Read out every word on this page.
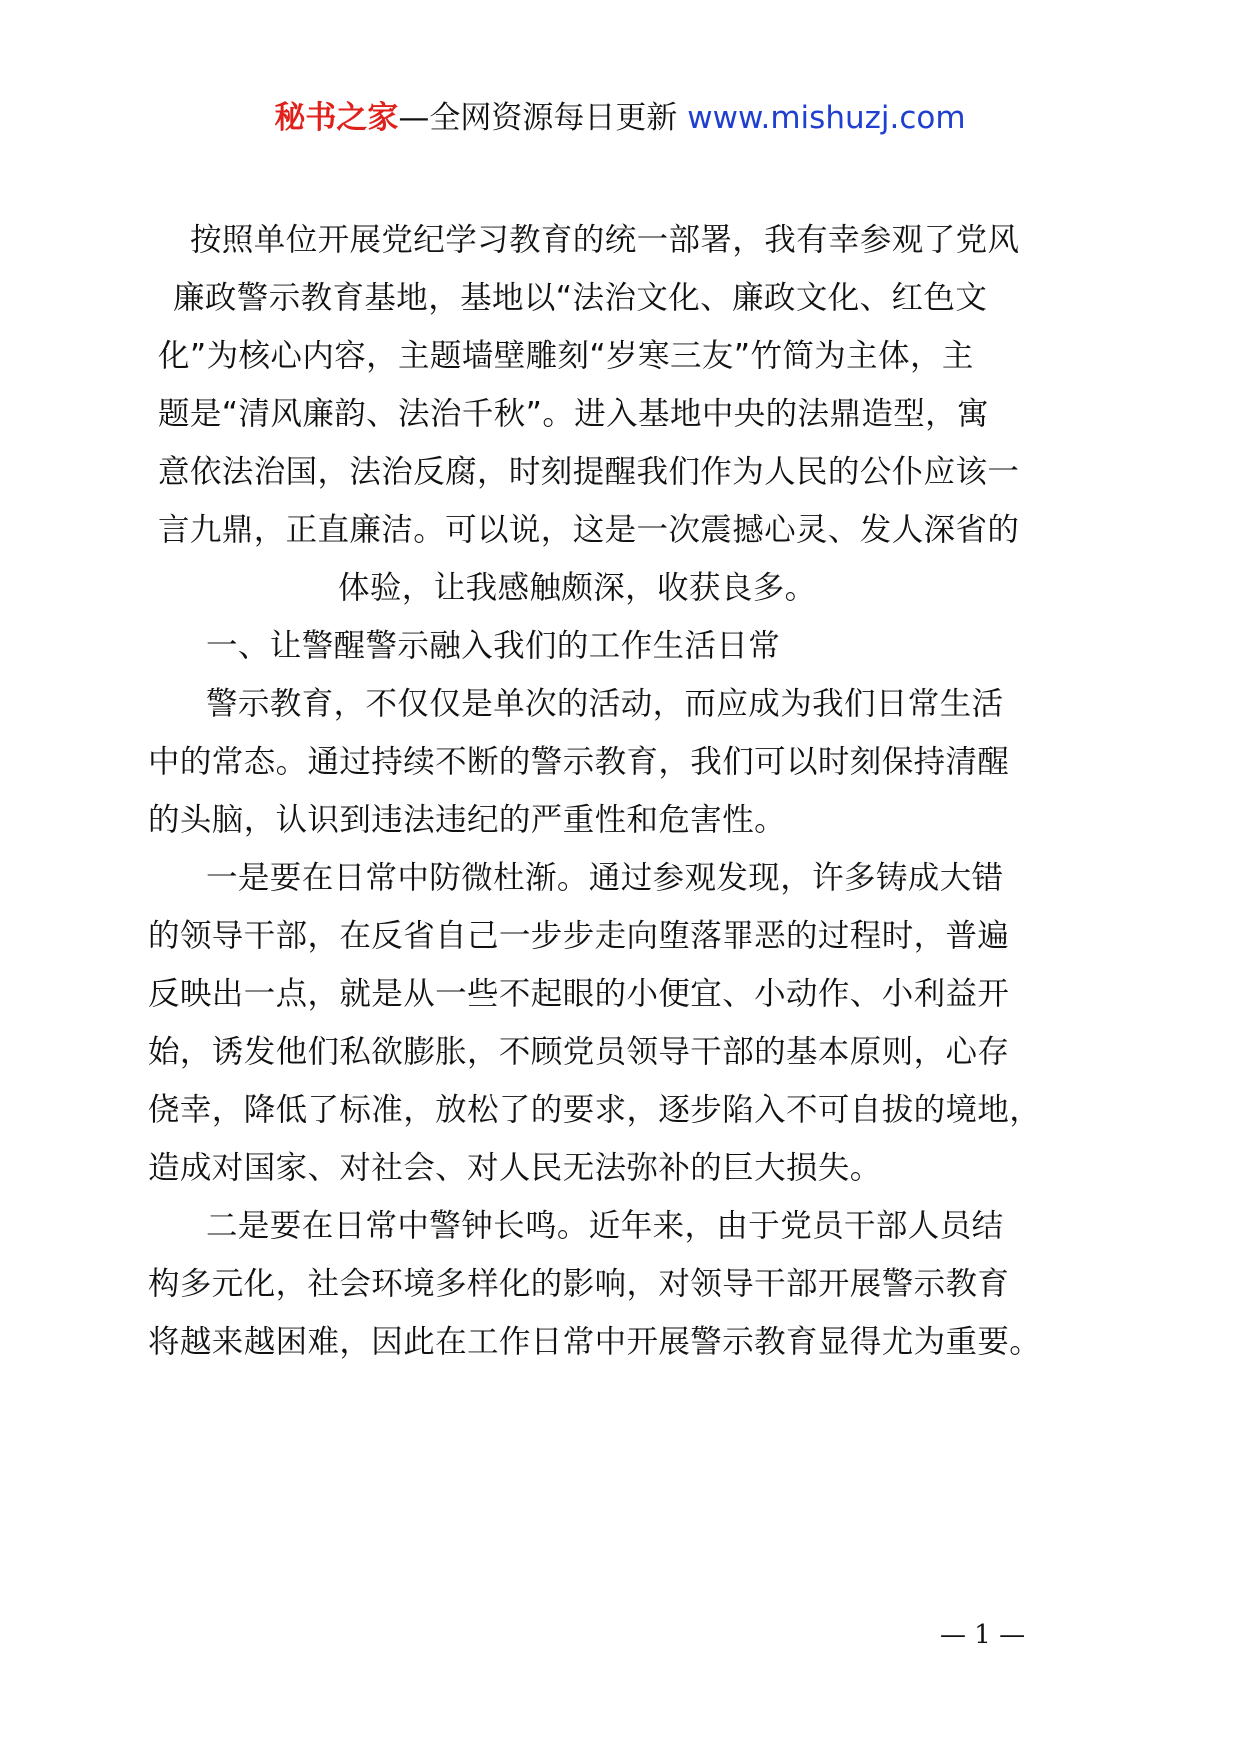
秘书之家—全网资源每日更新 www.mishuzj.com
按照单位开展党纪学习教育的统一部署，我有幸参观了党风
廉政警示教育基地，基地以“法治文化、廉政文化、红色文
化”为核心内容，主题墙壁雕刻“岁寒三友”竹简为主体，主
题是“清风廉韵、法治千秋”。进入基地中央的法鼎造型，寓
意依法治国，法治反腐，时刻提醒我们作为人民的公仆应该一
言九鼎，正直廉洁。可以说，这是一次震撼心灵、发人深省的
体验，让我感触颇深，收获良多。
一、让警醒警示融入我们的工作生活日常
警示教育，不仅仅是单次的活动，而应成为我们日常生活
中的常态。通过持续不断的警示教育，我们可以时刻保持清醒
的头脑，认识到违法违纪的严重性和危害性。
一是要在日常中防微杜渐。通过参观发现，许多铸成大错
的领导干部，在反省自己一步步走向堕落罪恶的过程时，普遍
反映出一点，就是从一些不起眼的小便宜、小动作、小利益开
始，诱发他们私欲膨胀，不顾党员领导干部的基本原则，心存
侥幸，降低了标准，放松了的要求，逐步陷入不可自拔的境地，
造成对国家、对社会、对人民无法弥补的巨大损失。
二是要在日常中警钟长鸣。近年来，由于党员干部人员结
构多元化，社会环境多样化的影响，对领导干部开展警示教育
将越来越困难，因此在工作日常中开展警示教育显得尤为重要。
— 1 —
